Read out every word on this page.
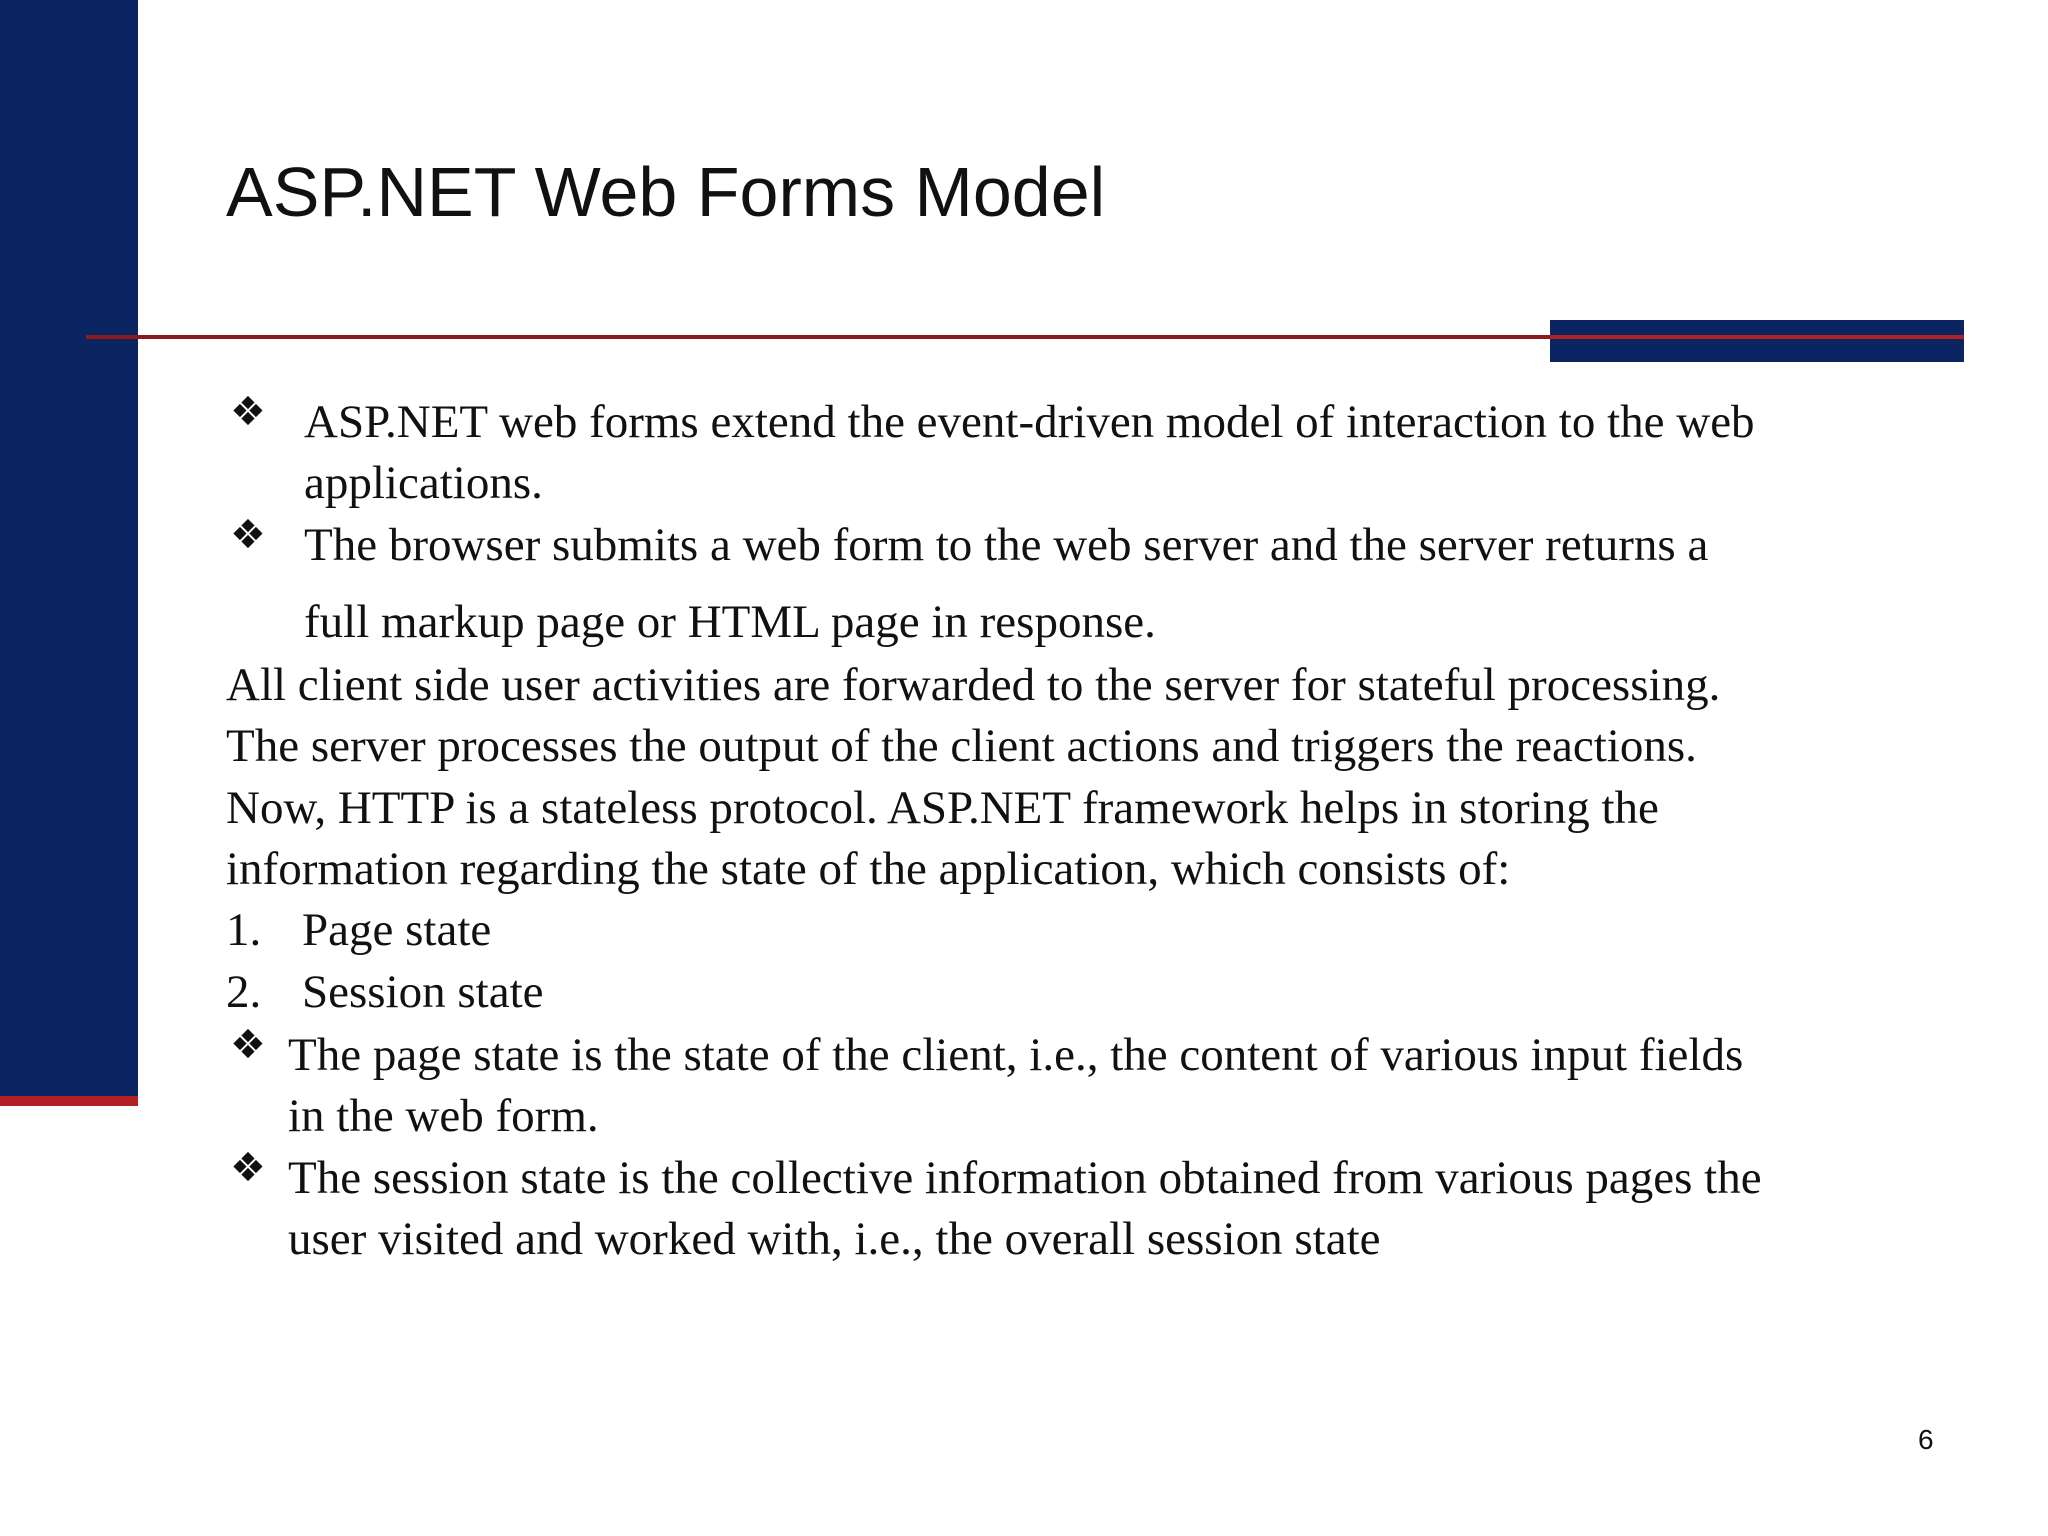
ASP.NET Web Forms Model
❖ ASP.NET web forms extend the event-driven model of interaction to the web
applications.
❖ The browser submits a web form to the web server and the server returns a
full markup page or HTML page in response.
All client side user activities are forwarded to the server for stateful processing.
The server processes the output of the client actions and triggers the reactions.
Now, HTTP is a stateless protocol. ASP.NET framework helps in storing the
information regarding the state of the application, which consists of:
1. Page state
2. Session state
❖ The page state is the state of the client, i.e., the content of various input fields
in the web form.
❖ The session state is the collective information obtained from various pages the
user visited and worked with, i.e., the overall session state
6
